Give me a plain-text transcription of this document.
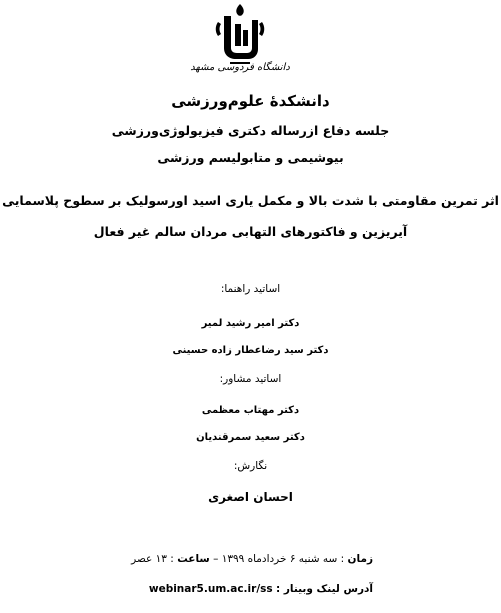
دانشگاه فردوسی مشهد
دانشکدۀ علوم‌ورزشی
جلسه دفاع ازرساله دکتری فیزیولوژی‌ورزشی
بیوشیمی و متابولیسم ورزشی
اثر تمرین مقاومتی با شدت بالا و مکمل یاری اسید اورسولیک بر سطوح پلاسمایی
آیریزین و فاکتورهای التهابی مردان سالم غیر فعال
اساتید راهنما:
دکتر امیر رشید لمیر
دکتر سید رضاعطار زاده حسینی
اساتید مشاور:
دکتر مهتاب معظمی
دکتر سعید سمرقندیان
نگارش:
احسان اصغری
زمان : سه شنبه ۶ خردادماه ۱۳۹۹ – ساعت : ۱۳ عصر
آدرس لینک وبینار : webinar5.um.ac.ir/ss
